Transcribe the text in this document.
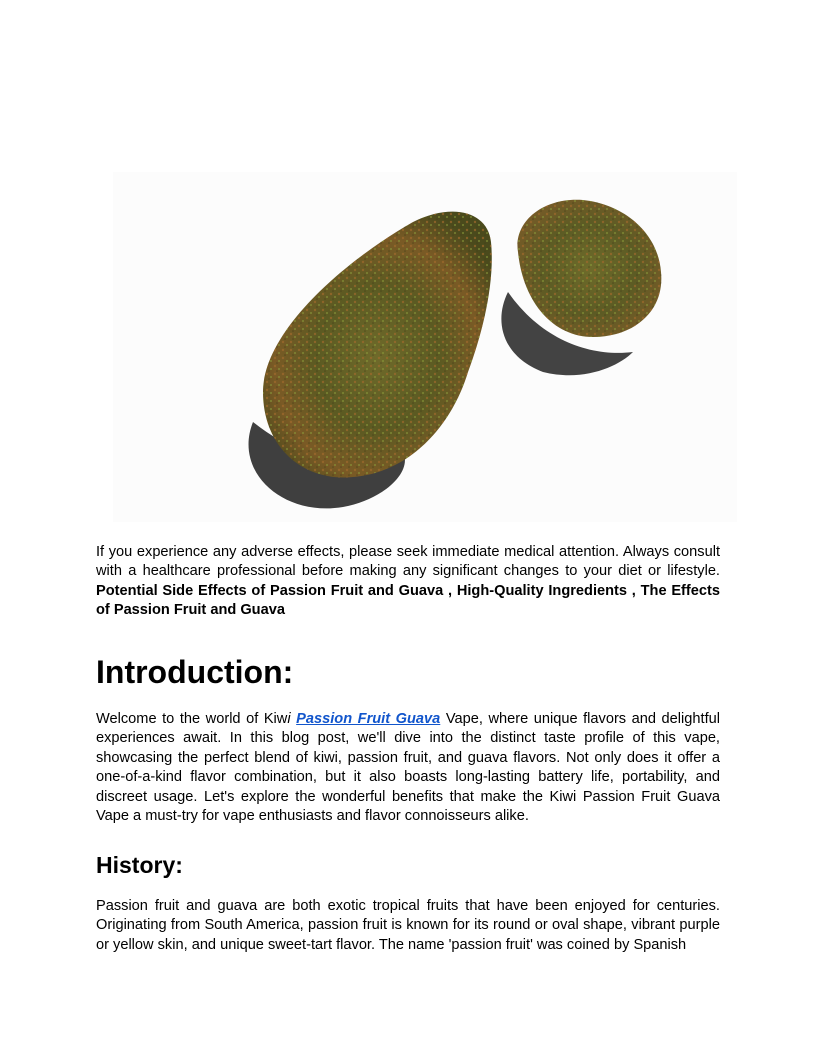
If you experience any adverse effects, please seek immediate medical attention. Always consult with a healthcare professional before making any significant changes to your diet or lifestyle. Potential Side Effects of Passion Fruit and Guava , High-Quality Ingredients , The Effects of Passion Fruit and Guava

Introduction:

Welcome to the world of Kiwi Passion Fruit Guava Vape, where unique flavors and delightful experiences await. In this blog post, we'll dive into the distinct taste profile of this vape, showcasing the perfect blend of kiwi, passion fruit, and guava flavors. Not only does it offer a one-of-a-kind flavor combination, but it also boasts long-lasting battery life, portability, and discreet usage. Let's explore the wonderful benefits that make the Kiwi Passion Fruit Guava Vape a must-try for vape enthusiasts and flavor connoisseurs alike.

History:

Passion fruit and guava are both exotic tropical fruits that have been enjoyed for centuries. Originating from South America, passion fruit is known for its round or oval shape, vibrant purple or yellow skin, and unique sweet-tart flavor. The name 'passion fruit' was coined by Spanish
